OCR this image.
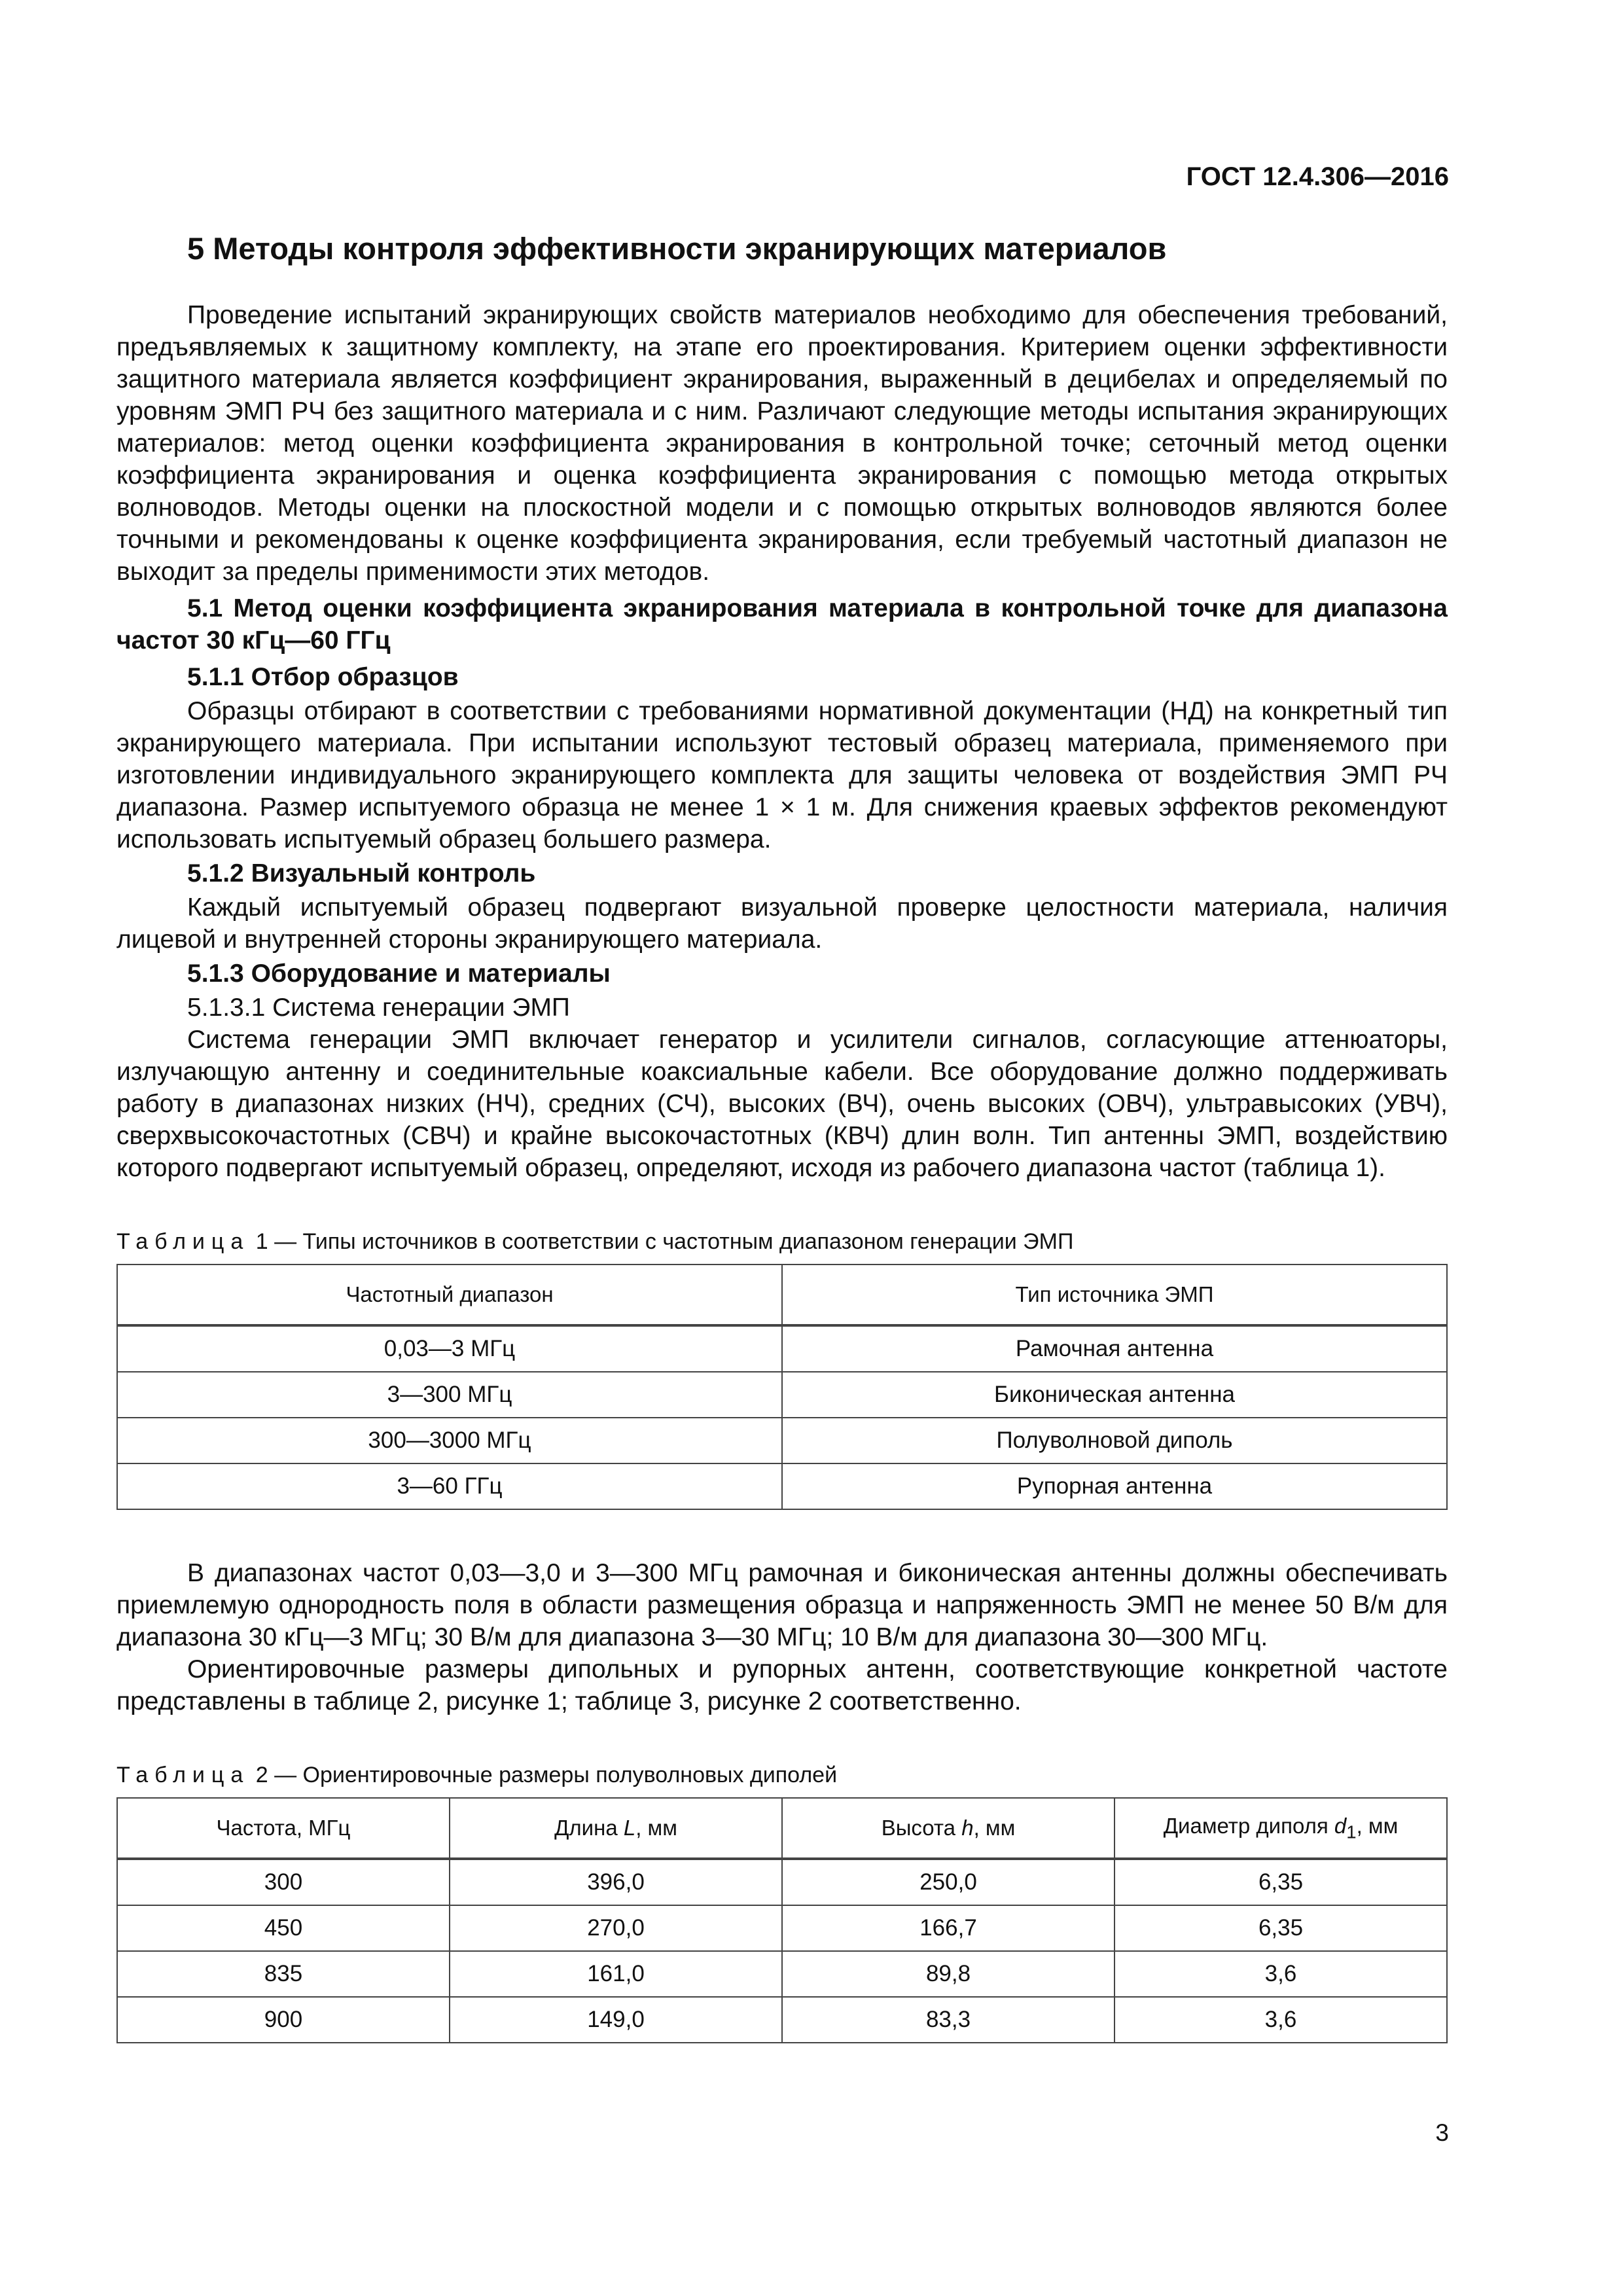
ГОСТ 12.4.306—2016
5 Методы контроля эффективности экранирующих материалов

Проведение испытаний экранирующих свойств материалов необходимо для обеспечения требований, предъявляемых к защитному комплекту, на этапе его проектирования. Критерием оценки эффективности защитного материала является коэффициент экранирования, выраженный в децибелах и определяемый по уровням ЭМП РЧ без защитного материала и с ним. Различают следующие методы испытания экранирующих материалов: метод оценки коэффициента экранирования в контрольной точке; сеточный метод оценки коэффициента экранирования и оценка коэффициента экранирования с помощью метода открытых волноводов. Методы оценки на плоскостной модели и с помощью открытых волноводов являются более точными и рекомендованы к оценке коэффициента экранирования, если требуемый частотный диапазон не выходит за пределы применимости этих методов.

5.1 Метод оценки коэффициента экранирования материала в контрольной точке для диапазона частот 30 кГц—60 ГГц
5.1.1 Отбор образцов

Образцы отбирают в соответствии с требованиями нормативной документации (НД) на конкретный тип экранирующего материала. При испытании используют тестовый образец материала, применяемого при изготовлении индивидуального экранирующего комплекта для защиты человека от воздействия ЭМП РЧ диапазона. Размер испытуемого образца не менее 1 × 1 м. Для снижения краевых эффектов рекомендуют использовать испытуемый образец большего размера.

5.1.2 Визуальный контроль

Каждый испытуемый образец подвергают визуальной проверке целостности материала, наличия лицевой и внутренней стороны экранирующего материала.

5.1.3 Оборудование и материалы
5.1.3.1 Система генерации ЭМП

Система генерации ЭМП включает генератор и усилители сигналов, согласующие аттенюаторы, излучающую антенну и соединительные коаксиальные кабели. Все оборудование должно поддерживать работу в диапазонах низких (НЧ), средних (СЧ), высоких (ВЧ), очень высоких (ОВЧ), ультравысоких (УВЧ), сверхвысокочастотных (СВЧ) и крайне высокочастотных (КВЧ) длин волн. Тип антенны ЭМП, воздействию которого подвергают испытуемый образец, определяют, исходя из рабочего диапазона частот (таблица 1).

Таблица 1 — Типы источников в соответствии с частотным диапазоном генерации ЭМП
Частотный диапазон	Тип источника ЭМП
0,03—3 МГц	Рамочная антенна
3—300 МГц	Биконическая антенна
300—3000 МГц	Полуволновой диполь
3—60 ГГц	Рупорная антенна

В диапазонах частот 0,03—3,0 и 3—300 МГц рамочная и биконическая антенны должны обеспечивать приемлемую однородность поля в области размещения образца и напряженность ЭМП не менее 50 В/м для диапазона 30 кГц—3 МГц; 30 В/м для диапазона 3—30 МГц; 10 В/м для диапазона 30—300 МГц.

Ориентировочные размеры дипольных и рупорных антенн, соответствующие конкретной частоте представлены в таблице 2, рисунке 1; таблице 3, рисунке 2 соответственно.

Таблица 2 — Ориентировочные размеры полуволновых диполей
Частота, МГц	Длина L, мм	Высота h, мм	Диаметр диполя $d_1$, мм
300	396,0	250,0	6,35
450	270,0	166,7	6,35
835	161,0	89,8	3,6
900	149,0	83,3	3,6
3
